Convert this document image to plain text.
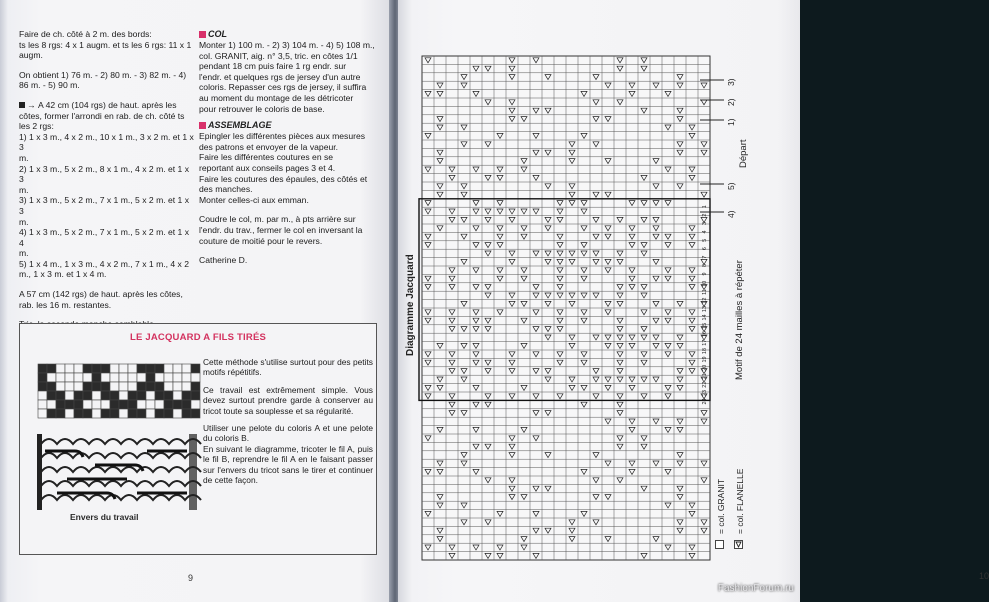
Faire de ch. côté à 2 m. des bords:

ts les 8 rgs: 4 x 1 augm. et ts les 6 rgs: 11 x 1

augm.

On obtient 1) 76 m. - 2) 80 m. - 3) 82 m. - 4)

86 m. - 5) 90 m.

→ A 42 cm (104 rgs) de haut. après les

côtes, former l'arrondi en rab. de ch. côté ts

les 2 rgs:

1) 1 x 3 m., 4 x 2 m., 10 x 1 m., 3 x 2 m. et 1 x 3

m.

2) 1 x 3 m., 5 x 2 m., 8 x 1 m., 4 x 2 m. et 1 x 3

m.

3) 1 x 3 m., 5 x 2 m., 7 x 1 m., 5 x 2 m. et 1 x 3

m.

4) 1 x 3 m., 5 x 2 m., 7 x 1 m., 5 x 2 m. et 1 x 4

m.

5) 1 x 4 m., 1 x 3 m., 4 x 2 m., 7 x 1 m., 4 x 2

m., 1 x 3 m. et 1 x 4 m.

A 57 cm (142 rgs) de haut. après les côtes,

rab. les 16 m. restantes.

COL

Monter 1) 100 m. - 2) 3) 104 m. - 4) 5) 108 m.,

col. GRANIT, aig. n° 3,5, tric. en côtes 1/1

pendant 18 cm puis faire 1 rg endr. sur

l'endr. et quelques rgs de jersey d'un autre

coloris. Repasser ces rgs de jersey, il suffira

au moment du montage de les détricoter

pour retrouver le coloris de base.

ASSEMBLAGE

Epingler les différentes pièces aux mesures

des patrons et envoyer de la vapeur.

Faire les différentes coutures en se

reportant aux conseils pages 3 et 4.

Faire les coutures des épaules, des côtés et

des manches.

Monter celles-ci aux emman.

Coudre le col, m. par m., à pts arrière sur

l'endr. du trav., fermer le col en inversant la

couture de moitié pour le revers.

Catherine D.

LE JACQUARD A FILS TIRÉS
Envers du travail

Cette méthode s'utilise surtout pour des petits motifs répétitifs.

Ce travail est extrêmement simple. Vous devez surtout prendre garde à conserver au tricot toute sa souplesse et sa régularité.

Utiliser une pelote du coloris A et une pelote du coloris B.

En suivant le diagramme, tricoter le fil A, puis le fil B, reprendre le fil A en le faisant passer sur l'envers du tricot sans le tirer et continuer de cette façon.

9
24
23
22
21
20
19
18
17
16
15
14
13
12
11
10
9
8
7
6
5
4
3
2
1
3)
2)
1)
5)
4)
Départ
Motif de 24 mailles à répéter
Diagramme Jacquard
= col. GRANIT = col. FLANELLE
10
FashionForum.ru
